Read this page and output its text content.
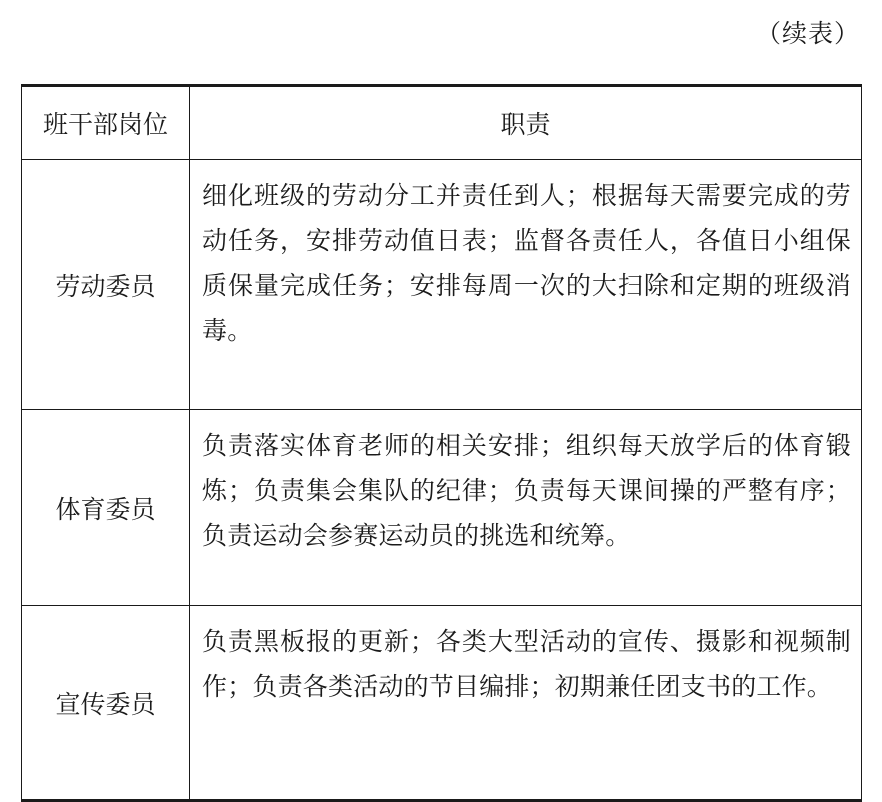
（续表）
班干部岗位	职责
劳动委员	细化班级的劳动分工并责任到人；根据每天需要完成的劳动任务，安排劳动值日表；监督各责任人，各值日小组保质保量完成任务；安排每周一次的大扫除和定期的班级消毒。
体育委员	负责落实体育老师的相关安排；组织每天放学后的体育锻炼；负责集会集队的纪律；负责每天课间操的严整有序；负责运动会参赛运动员的挑选和统筹。
宣传委员	负责黑板报的更新；各类大型活动的宣传、摄影和视频制作；负责各类活动的节目编排；初期兼任团支书的工作。
